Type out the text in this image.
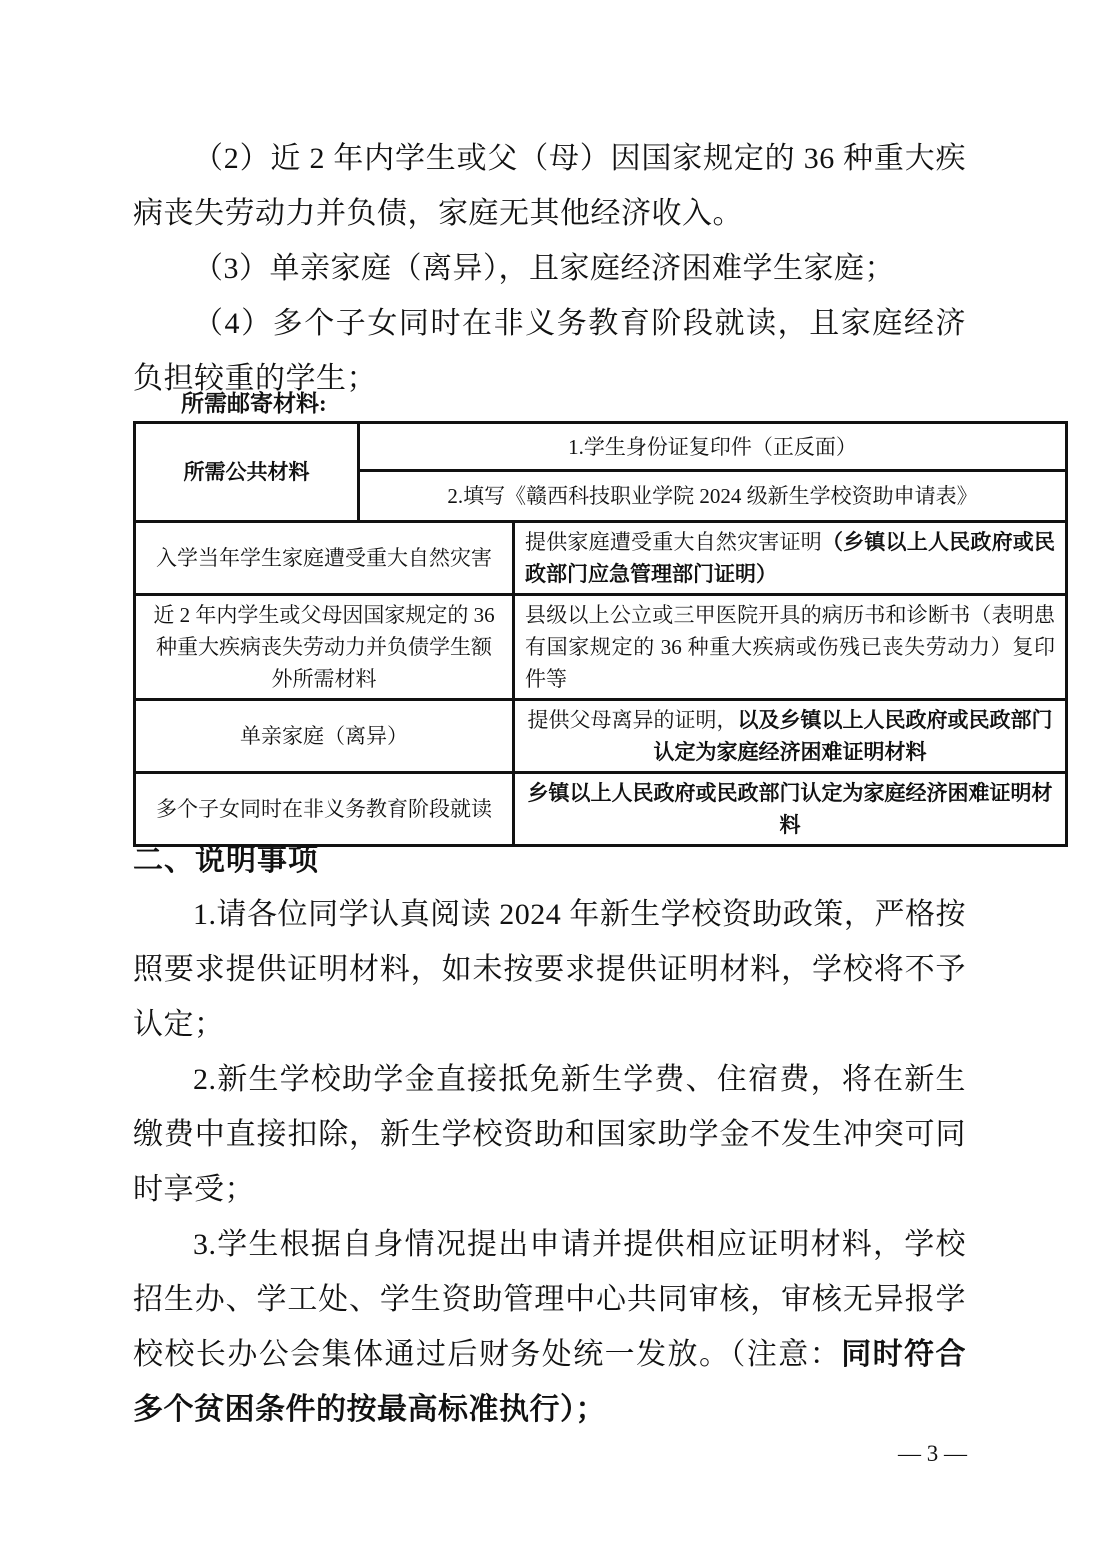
（2）近 2 年内学生或父（母）因国家规定的 36 种重大疾病丧失劳动力并负债，家庭无其他经济收入。

（3）单亲家庭（离异），且家庭经济困难学生家庭；

（4）多个子女同时在非义务教育阶段就读，且家庭经济负担较重的学生；

所需邮寄材料:
所需公共材料
1.学生身份证复印件（正反面）
2.填写《赣西科技职业学院 2024 级新生学校资助申请表》
入学当年学生家庭遭受重大自然灾害
提供家庭遭受重大自然灾害证明（乡镇以上人民政府或民政部门应急管理部门证明）
近 2 年内学生或父母因国家规定的 36 种重大疾病丧失劳动力并负债学生额外所需材料
县级以上公立或三甲医院开具的病历书和诊断书（表明患有国家规定的 36 种重大疾病或伤残已丧失劳动力）复印件等
单亲家庭（离异）
提供父母离异的证明，以及乡镇以上人民政府或民政部门认定为家庭经济困难证明材料
多个子女同时在非义务教育阶段就读
乡镇以上人民政府或民政部门认定为家庭经济困难证明材料
二、说明事项

1.请各位同学认真阅读 2024 年新生学校资助政策，严格按照要求提供证明材料，如未按要求提供证明材料，学校将不予认定；

2.新生学校助学金直接抵免新生学费、住宿费，将在新生缴费中直接扣除，新生学校资助和国家助学金不发生冲突可同时享受；

3.学生根据自身情况提出申请并提供相应证明材料，学校招生办、学工处、学生资助管理中心共同审核，审核无异报学校校长办公会集体通过后财务处统一发放。（注意：同时符合多个贫困条件的按最高标准执行）；

— 3 —
